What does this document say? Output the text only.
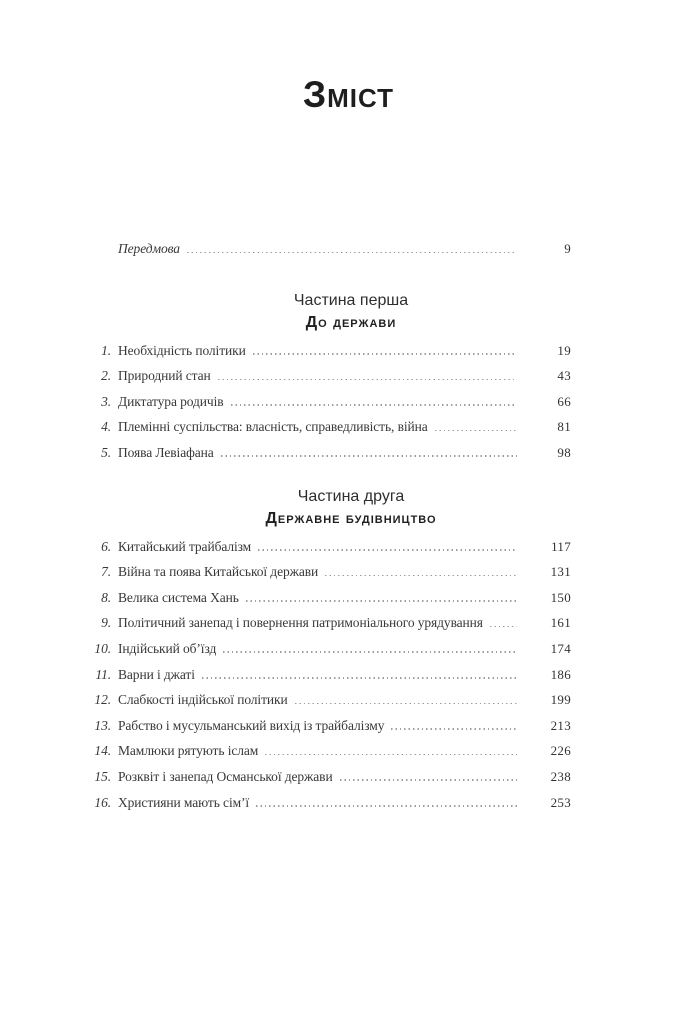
Зміст
Передмова	9
Частина перша
До держави
1. Необхідність політики	19
2. Природний стан	43
3. Диктатура родичів	66
4. Племінні суспільства: власність, справедливість, війна	81
5. Поява Левіафана	98
Частина друга
Державне будівництво
6. Китайський трайбалізм	117
7. Війна та поява Китайської держави	131
8. Велика система Хань	150
9. Політичний занепад і повернення патримоніального урядування	161
10. Індійський об’їзд	174
11. Варни і джаті	186
12. Слабкості індійської політики	199
13. Рабство і мусульманський вихід із трайбалізму	213
14. Мамлюки рятують іслам	226
15. Розквіт і занепад Османської держави	238
16. Християни мають сім’ї	253
